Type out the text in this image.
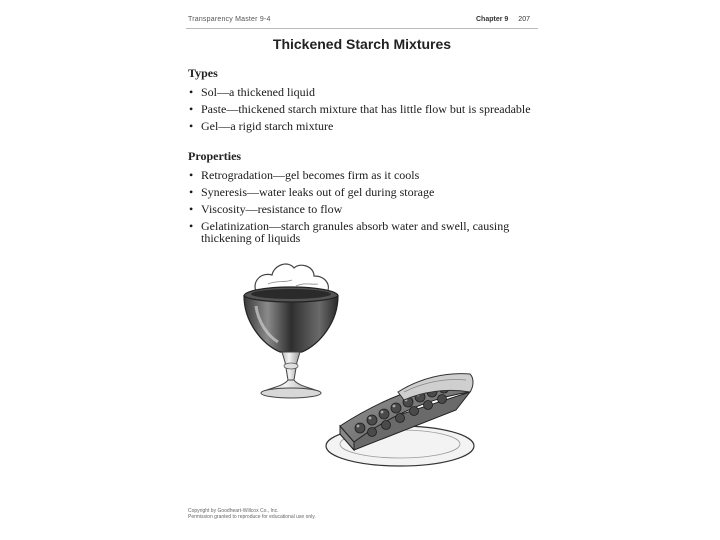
Transparency Master 9-4	Chapter 9 207
Thickened Starch Mixtures
Types
• Sol—a thickened liquid
• Paste—thickened starch mixture that has little flow but is spreadable
• Gel—a rigid starch mixture
Properties
• Retrogradation—gel becomes firm as it cools
• Syneresis—water leaks out of gel during storage
• Viscosity—resistance to flow
• Gelatinization—starch granules absorb water and swell, causing thickening of liquids
Copyright by Goodheart-Willcox Co., Inc.
Permission granted to reproduce for educational use only.
